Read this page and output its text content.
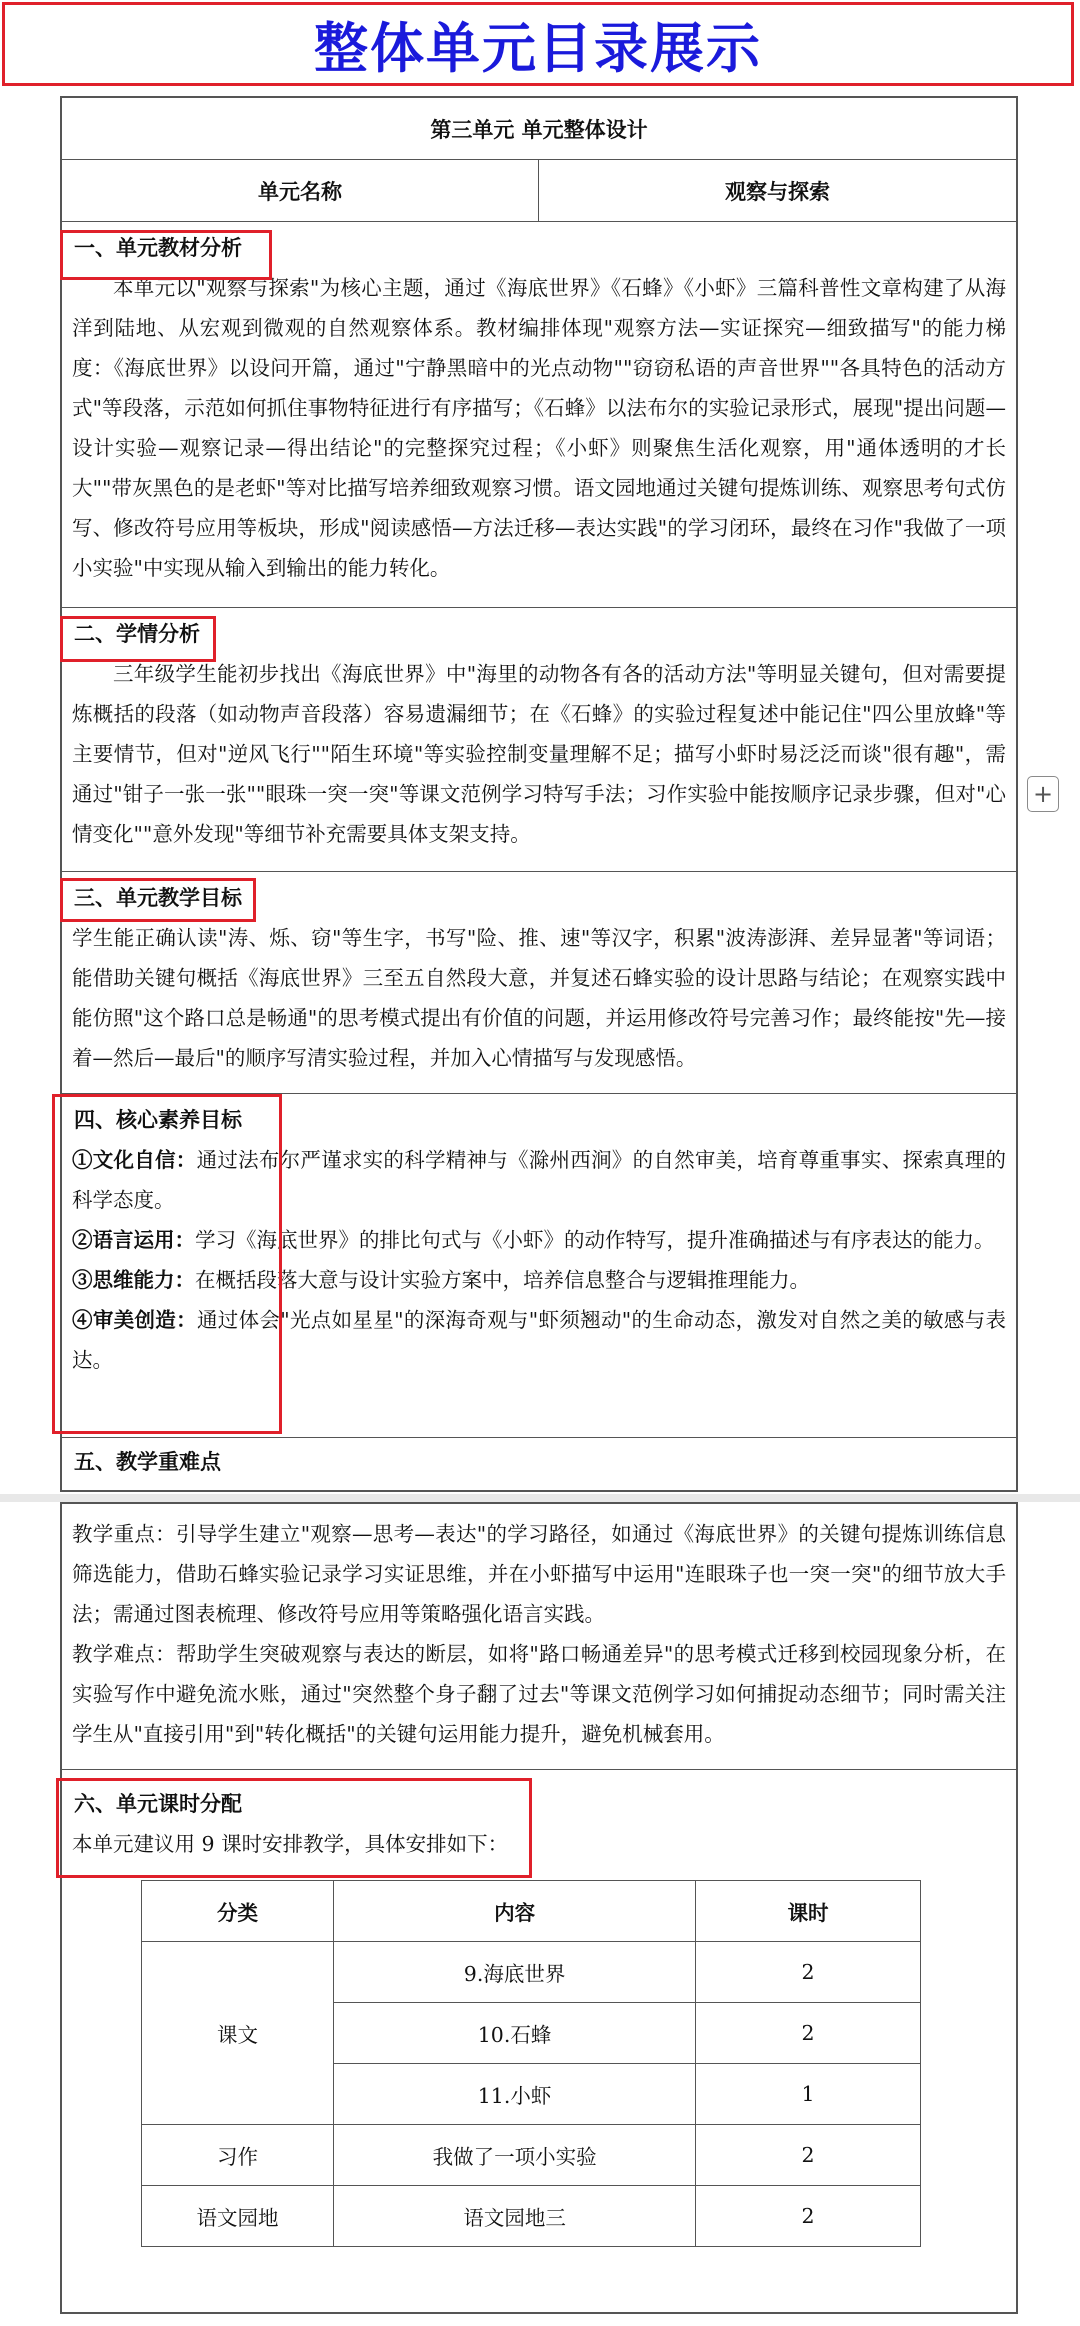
整体单元目录展示
+
第三单元 单元整体设计
单元名称	观察与探索
一、单元教材分析

本单元以"观察与探索"为核心主题，通过《海底世界》《石蜂》《小虾》三篇科普性文章构建了从海洋到陆地、从宏观到微观的自然观察体系。教材编排体现"观察方法—实证探究—细致描写"的能力梯度：《海底世界》以设问开篇，通过"宁静黑暗中的光点动物""窃窃私语的声音世界""各具特色的活动方式"等段落，示范如何抓住事物特征进行有序描写；《石蜂》以法布尔的实验记录形式，展现"提出问题—设计实验—观察记录—得出结论"的完整探究过程；《小虾》则聚焦生活化观察，用"通体透明的才长大""带灰黑色的是老虾"等对比描写培养细致观察习惯。语文园地通过关键句提炼训练、观察思考句式仿写、修改符号应用等板块，形成"阅读感悟—方法迁移—表达实践"的学习闭环，最终在习作"我做了一项小实验"中实现从输入到输出的能力转化。

二、学情分析

三年级学生能初步找出《海底世界》中"海里的动物各有各的活动方法"等明显关键句，但对需要提炼概括的段落（如动物声音段落）容易遗漏细节；在《石蜂》的实验过程复述中能记住"四公里放蜂"等主要情节，但对"逆风飞行""陌生环境"等实验控制变量理解不足；描写小虾时易泛泛而谈"很有趣"，需通过"钳子一张一张""眼珠一突一突"等课文范例学习特写手法；习作实验中能按顺序记录步骤，但对"心情变化""意外发现"等细节补充需要具体支架支持。

三、单元教学目标

学生能正确认读"涛、烁、窃"等生字，书写"险、推、速"等汉字，积累"波涛澎湃、差异显著"等词语；能借助关键句概括《海底世界》三至五自然段大意，并复述石蜂实验的设计思路与结论；在观察实践中能仿照"这个路口总是畅通"的思考模式提出有价值的问题，并运用修改符号完善习作；最终能按"先—接着—然后—最后"的顺序写清实验过程，并加入心情描写与发现感悟。

四、核心素养目标

①文化自信：通过法布尔严谨求实的科学精神与《滁州西涧》的自然审美，培育尊重事实、探索真理的科学态度。

②语言运用：学习《海底世界》的排比句式与《小虾》的动作特写，提升准确描述与有序表达的能力。

③思维能力：在概括段落大意与设计实验方案中，培养信息整合与逻辑推理能力。

④审美创造：通过体会"光点如星星"的深海奇观与"虾须翘动"的生命动态，激发对自然之美的敏感与表达。

五、教学重难点

教学重点：引导学生建立"观察—思考—表达"的学习路径，如通过《海底世界》的关键句提炼训练信息筛选能力，借助石蜂实验记录学习实证思维，并在小虾描写中运用"连眼珠子也一突一突"的细节放大手法；需通过图表梳理、修改符号应用等策略强化语言实践。

教学难点：帮助学生突破观察与表达的断层，如将"路口畅通差异"的思考模式迁移到校园现象分析，在实验写作中避免流水账，通过"突然整个身子翻了过去"等课文范例学习如何捕捉动态细节；同时需关注学生从"直接引用"到"转化概括"的关键句运用能力提升，避免机械套用。

六、单元课时分配

本单元建议用 9 课时安排教学，具体安排如下：

分类	内容	课时
课文	9.海底世界	2
	10.石蜂	2
	11.小虾	1
习作	我做了一项小实验	2
语文园地	语文园地三	2
